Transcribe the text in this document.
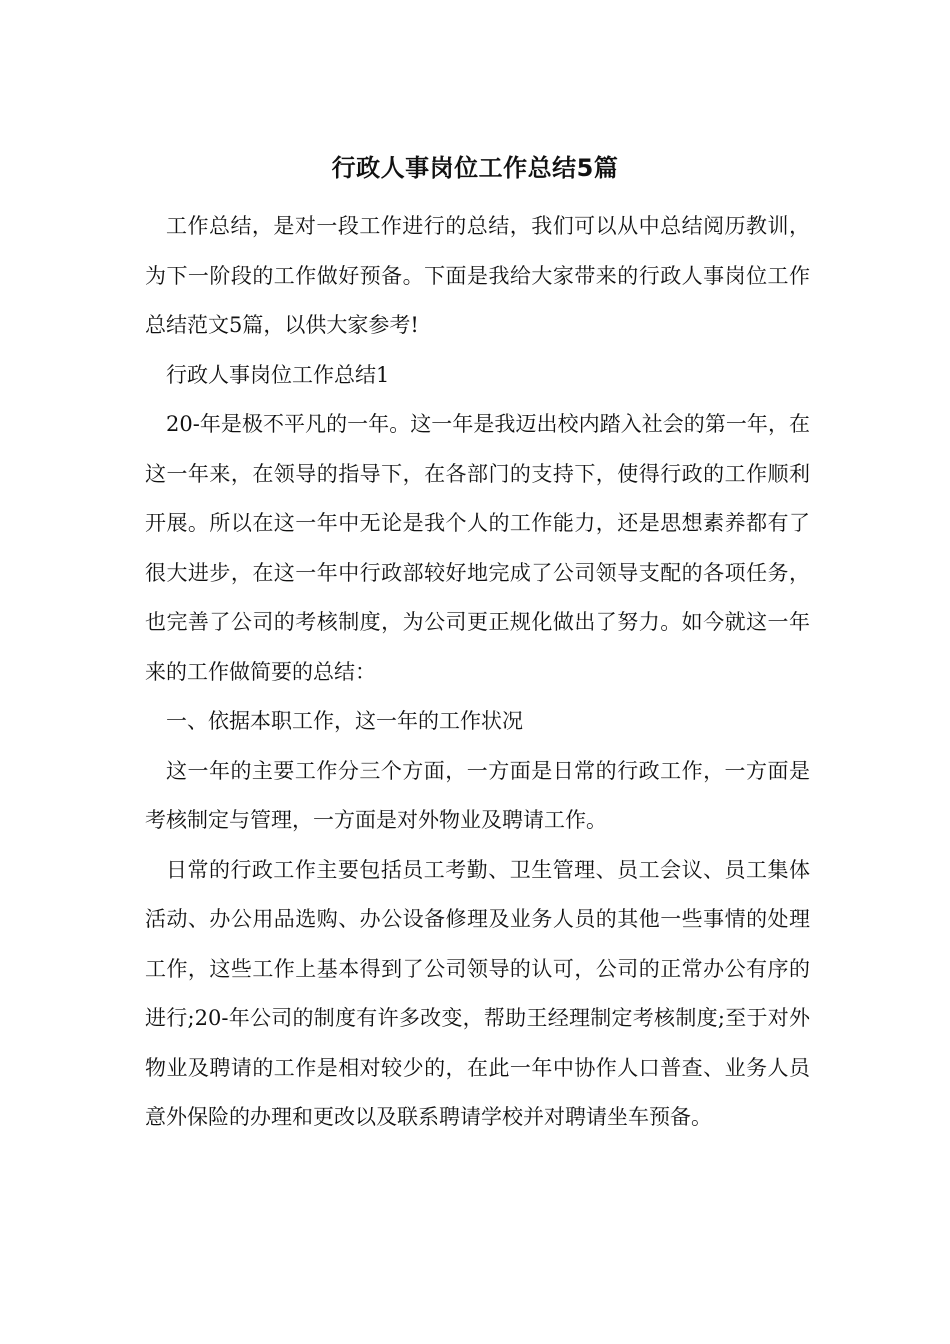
行政人事岗位工作总结5篇

工作总结，是对一段工作进行的总结，我们可以从中总结阅历教训，为下一阶段的工作做好预备。下面是我给大家带来的行政人事岗位工作总结范文5篇，以供大家参考!

行政人事岗位工作总结1

20-年是极不平凡的一年。这一年是我迈出校内踏入社会的第一年，在这一年来，在领导的指导下，在各部门的支持下，使得行政的工作顺利开展。所以在这一年中无论是我个人的工作能力，还是思想素养都有了很大进步，在这一年中行政部较好地完成了公司领导支配的各项任务，也完善了公司的考核制度，为公司更正规化做出了努力。如今就这一年来的工作做简要的总结：

一、依据本职工作，这一年的工作状况

这一年的主要工作分三个方面，一方面是日常的行政工作，一方面是考核制定与管理，一方面是对外物业及聘请工作。

日常的行政工作主要包括员工考勤、卫生管理、员工会议、员工集体活动、办公用品选购、办公设备修理及业务人员的其他一些事情的处理工作，这些工作上基本得到了公司领导的认可，公司的正常办公有序的进行;20-年公司的制度有许多改变，帮助王经理制定考核制度;至于对外物业及聘请的工作是相对较少的，在此一年中协作人口普查、业务人员意外保险的办理和更改以及联系聘请学校并对聘请坐车预备。
